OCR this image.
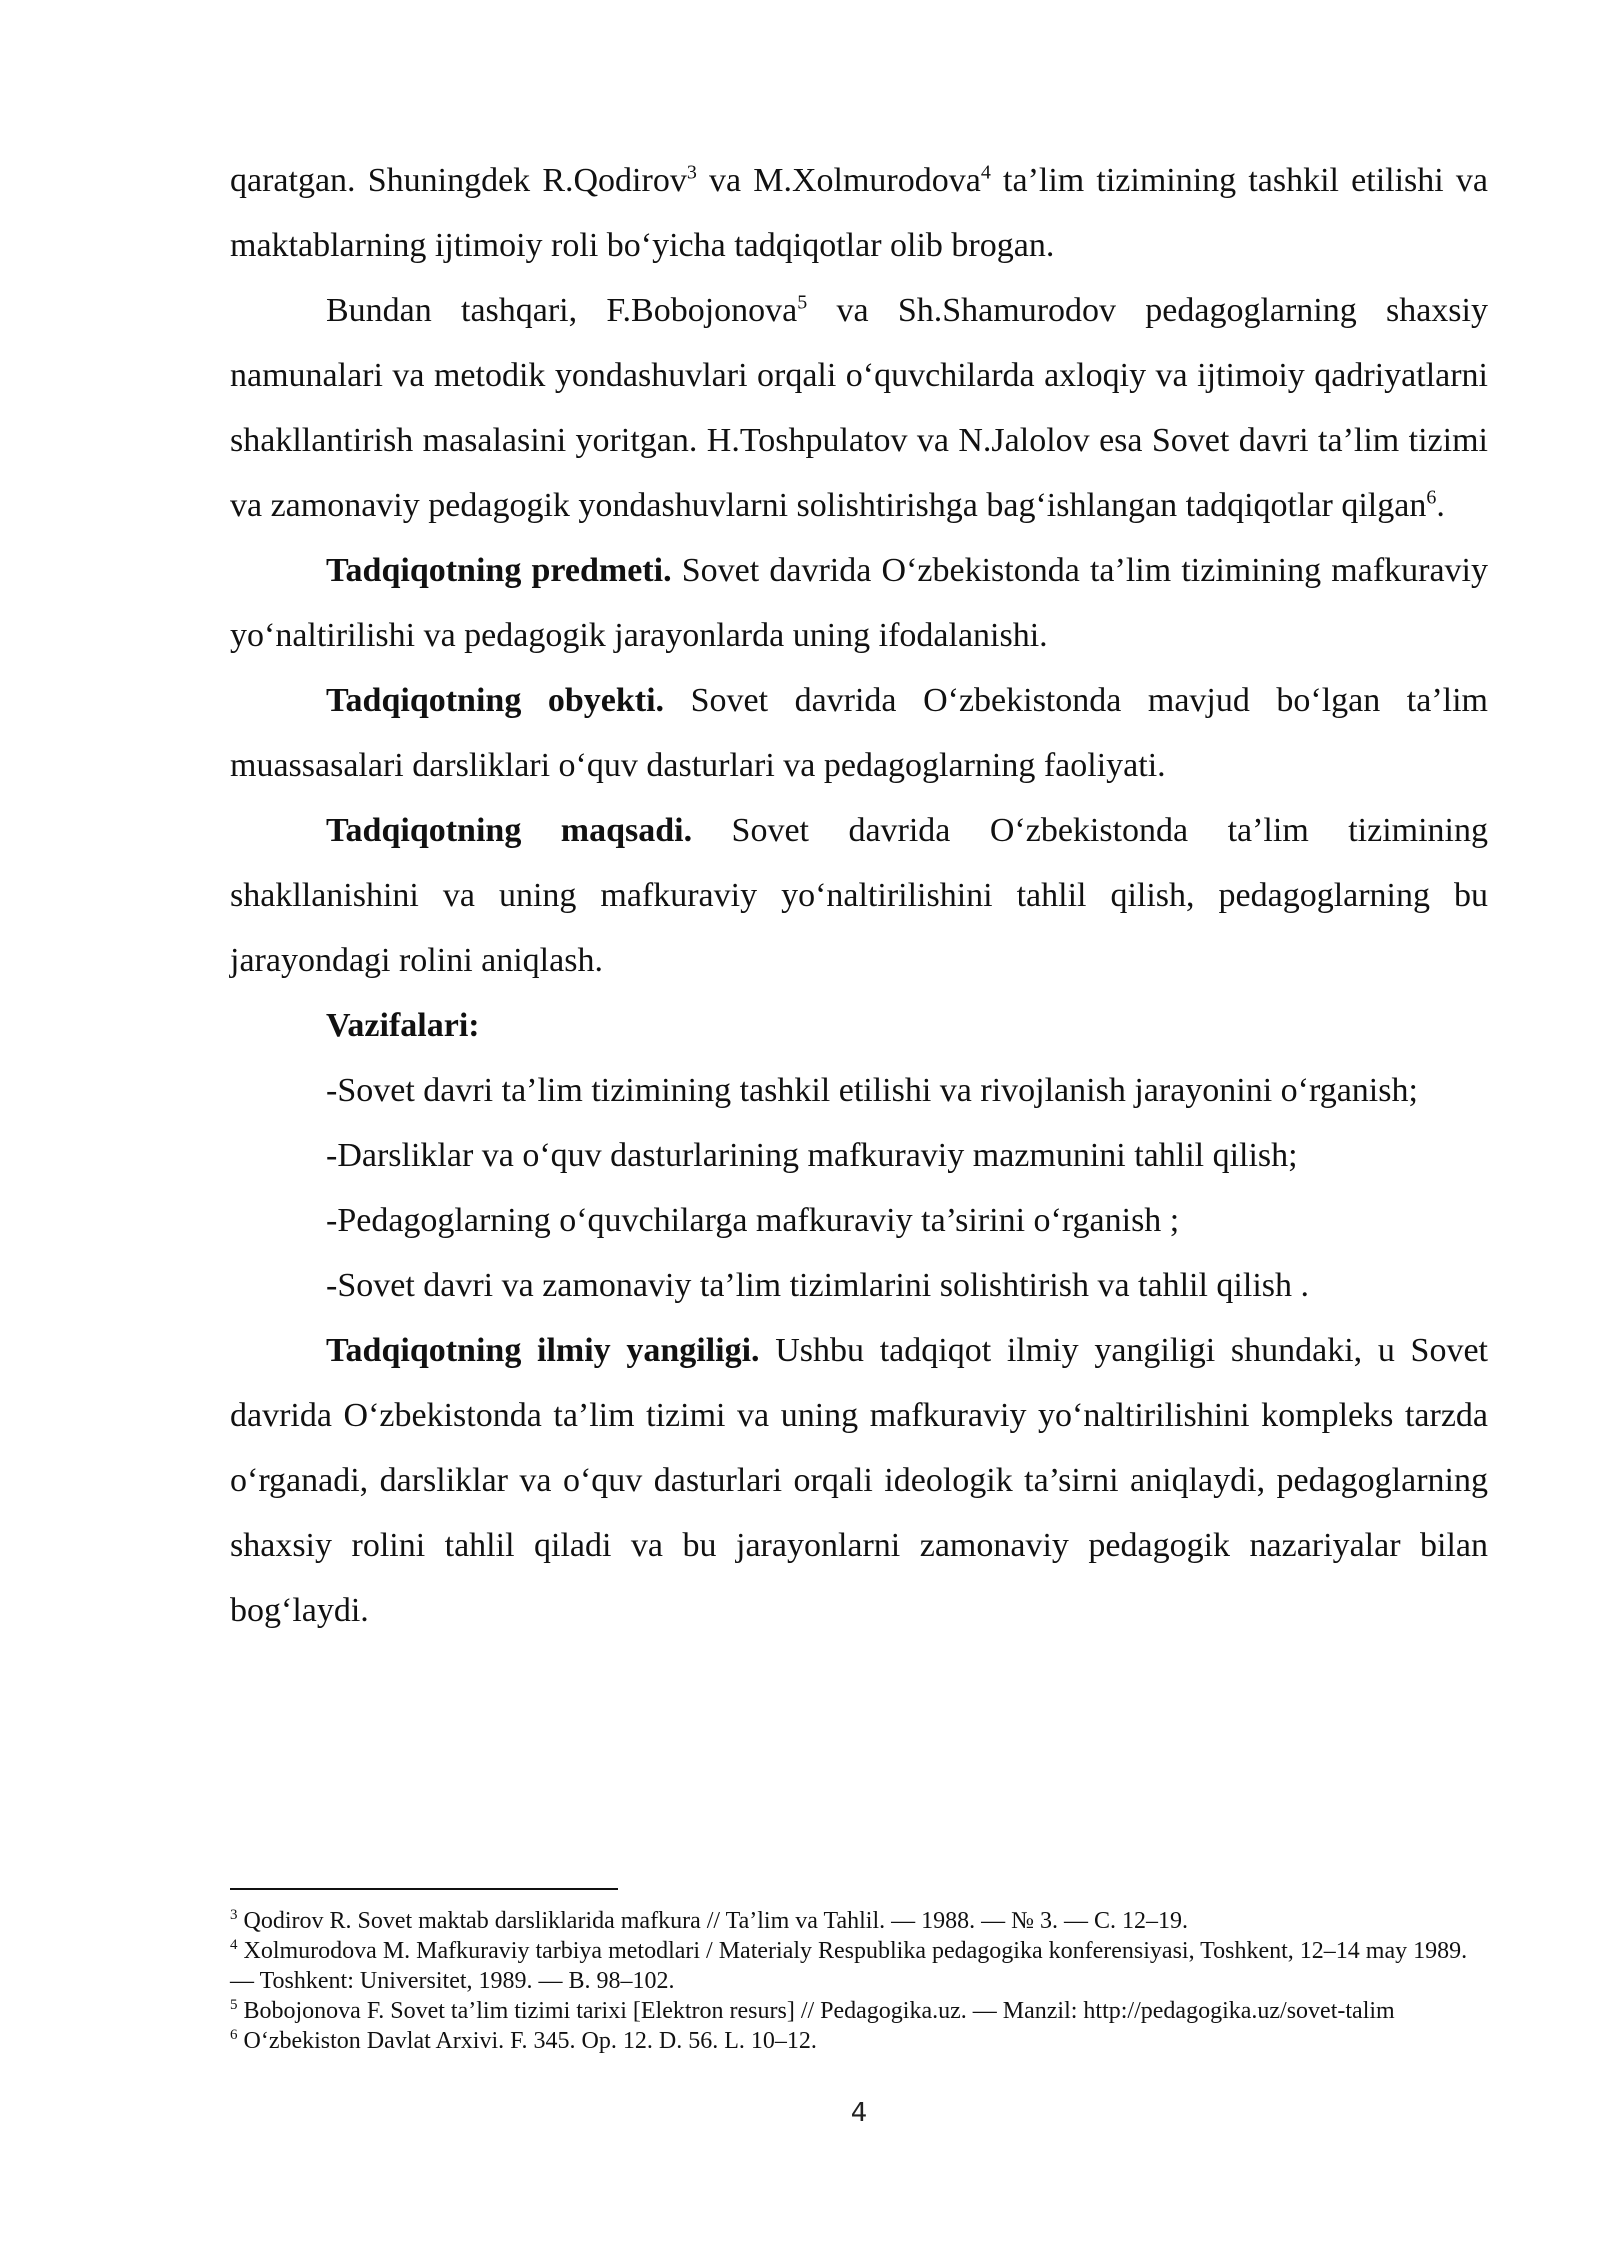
qaratgan. Shuningdek R.Qodirov$^3$ va M.Xolmurodova$^4$ ta’lim tizimining tashkil etilishi va maktablarning ijtimoiy roli bo‘yicha tadqiqotlar olib brogan.

Bundan tashqari, F.Bobojonova$^5$ va Sh.Shamurodov pedagoglarning shaxsiy namunalari va metodik yondashuvlari orqali o‘quvchilarda axloqiy va ijtimoiy qadriyatlarni shakllantirish masalasini yoritgan. H.Toshpulatov va N.Jalolov esa Sovet davri ta’lim tizimi va zamonaviy pedagogik yondashuvlarni solishtirishga bag‘ishlangan tadqiqotlar qilgan$^6$.

Tadqiqotning predmeti. Sovet davrida O‘zbekistonda ta’lim tizimining mafkuraviy yo‘naltirilishi va pedagogik jarayonlarda uning ifodalanishi.

Tadqiqotning obyekti. Sovet davrida O‘zbekistonda mavjud bo‘lgan ta’lim muassasalari darsliklari o‘quv dasturlari va pedagoglarning faoliyati.

Tadqiqotning maqsadi. Sovet davrida O‘zbekistonda ta’lim tizimining shakllanishini va uning mafkuraviy yo‘naltirilishini tahlil qilish, pedagoglarning bu jarayondagi rolini aniqlash.

Vazifalari:

-Sovet davri ta’lim tizimining tashkil etilishi va rivojlanish jarayonini o‘rganish;

-Darsliklar va o‘quv dasturlarining mafkuraviy mazmunini tahlil qilish;

-Pedagoglarning o‘quvchilarga mafkuraviy ta’sirini o‘rganish ;

-Sovet davri va zamonaviy ta’lim tizimlarini solishtirish va tahlil qilish .

Tadqiqotning ilmiy yangiligi. Ushbu tadqiqot ilmiy yangiligi shundaki, u Sovet davrida O‘zbekistonda ta’lim tizimi va uning mafkuraviy yo‘naltirilishini kompleks tarzda o‘rganadi, darsliklar va o‘quv dasturlari orqali ideologik ta’sirni aniqlaydi, pedagoglarning shaxsiy rolini tahlil qiladi va bu jarayonlarni zamonaviy pedagogik nazariyalar bilan bog‘laydi.

$^3$ Qodirov R. Sovet maktab darsliklarida mafkura // Ta’lim va Tahlil. — 1988. — № 3. — C. 12–19.

$^4$ Xolmurodova M. Mafkuraviy tarbiya metodlari / Materialy Respublika pedagogika konferensiyasi, Toshkent, 12–14 may 1989. — Toshkent: Universitet, 1989. — B. 98–102.

$^5$ Bobojonova F. Sovet ta’lim tizimi tarixi [Elektron resurs] // Pedagogika.uz. — Manzil: http://pedagogika.uz/sovet-talim

$^6$ O‘zbekiston Davlat Arxivi. F. 345. Op. 12. D. 56. L. 10–12.

4
